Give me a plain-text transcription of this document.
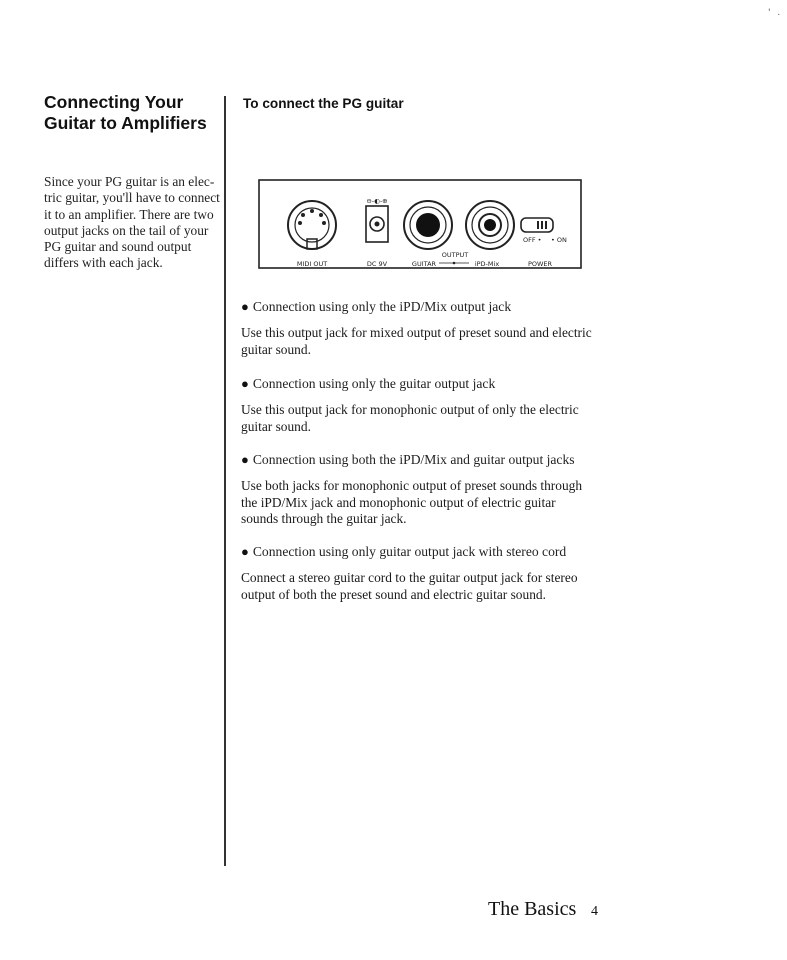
' .
Connecting Your
Guitar to Amplifiers
Since your PG guitar is an elec-
tric guitar, you'll have to connect
it to an amplifier. There are two
output jacks on the tail of your
PG guitar and sound output
differs with each jack.
To connect the PG guitar
⊖-◐-⊕
OFF • • ON
OUTPUT
MIDI OUT	DC 9V	GUITAR	iPD-Mix	POWER
● Connection using only the iPD/Mix output jack
Use this output jack for mixed output of preset sound and electric
guitar sound.
● Connection using only the guitar output jack
Use this output jack for monophonic output of only the electric
guitar sound.
● Connection using both the iPD/Mix and guitar output jacks
Use both jacks for monophonic output of preset sounds through
the iPD/Mix jack and monophonic output of electric guitar
sounds through the guitar jack.
● Connection using only guitar output jack with stereo cord
Connect a stereo guitar cord to the guitar output jack for stereo
output of both the preset sound and electric guitar sound.
The Basics 4
